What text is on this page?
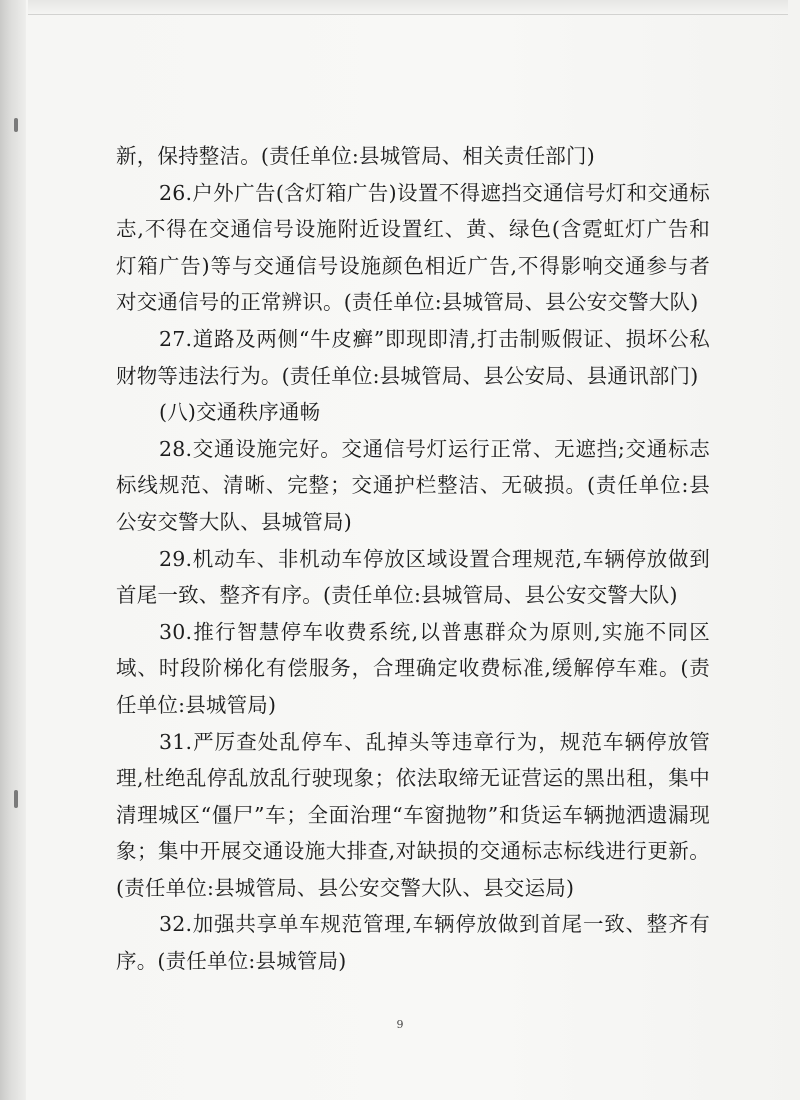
新，保持整洁。(责任单位:县城管局、相关责任部门)

26.户外广告(含灯箱广告)设置不得遮挡交通信号灯和交通标志,不得在交通信号设施附近设置红、黄、绿色(含霓虹灯广告和灯箱广告)等与交通信号设施颜色相近广告,不得影响交通参与者对交通信号的正常辨识。(责任单位:县城管局、县公安交警大队)

27.道路及两侧“牛皮癣”即现即清,打击制贩假证、损坏公私财物等违法行为。(责任单位:县城管局、县公安局、县通讯部门)

(八)交通秩序通畅

28.交通设施完好。交通信号灯运行正常、无遮挡;交通标志标线规范、清晰、完整；交通护栏整洁、无破损。(责任单位:县公安交警大队、县城管局)

29.机动车、非机动车停放区域设置合理规范,车辆停放做到首尾一致、整齐有序。(责任单位:县城管局、县公安交警大队)

30.推行智慧停车收费系统,以普惠群众为原则,实施不同区域、时段阶梯化有偿服务，合理确定收费标准,缓解停车难。(责任单位:县城管局)

31.严厉查处乱停车、乱掉头等违章行为，规范车辆停放管理,杜绝乱停乱放乱行驶现象；依法取缔无证营运的黑出租，集中清理城区“僵尸”车；全面治理“车窗抛物”和货运车辆抛洒遗漏现象；集中开展交通设施大排查,对缺损的交通标志标线进行更新。(责任单位:县城管局、县公安交警大队、县交运局)

32.加强共享单车规范管理,车辆停放做到首尾一致、整齐有序。(责任单位:县城管局)

9
